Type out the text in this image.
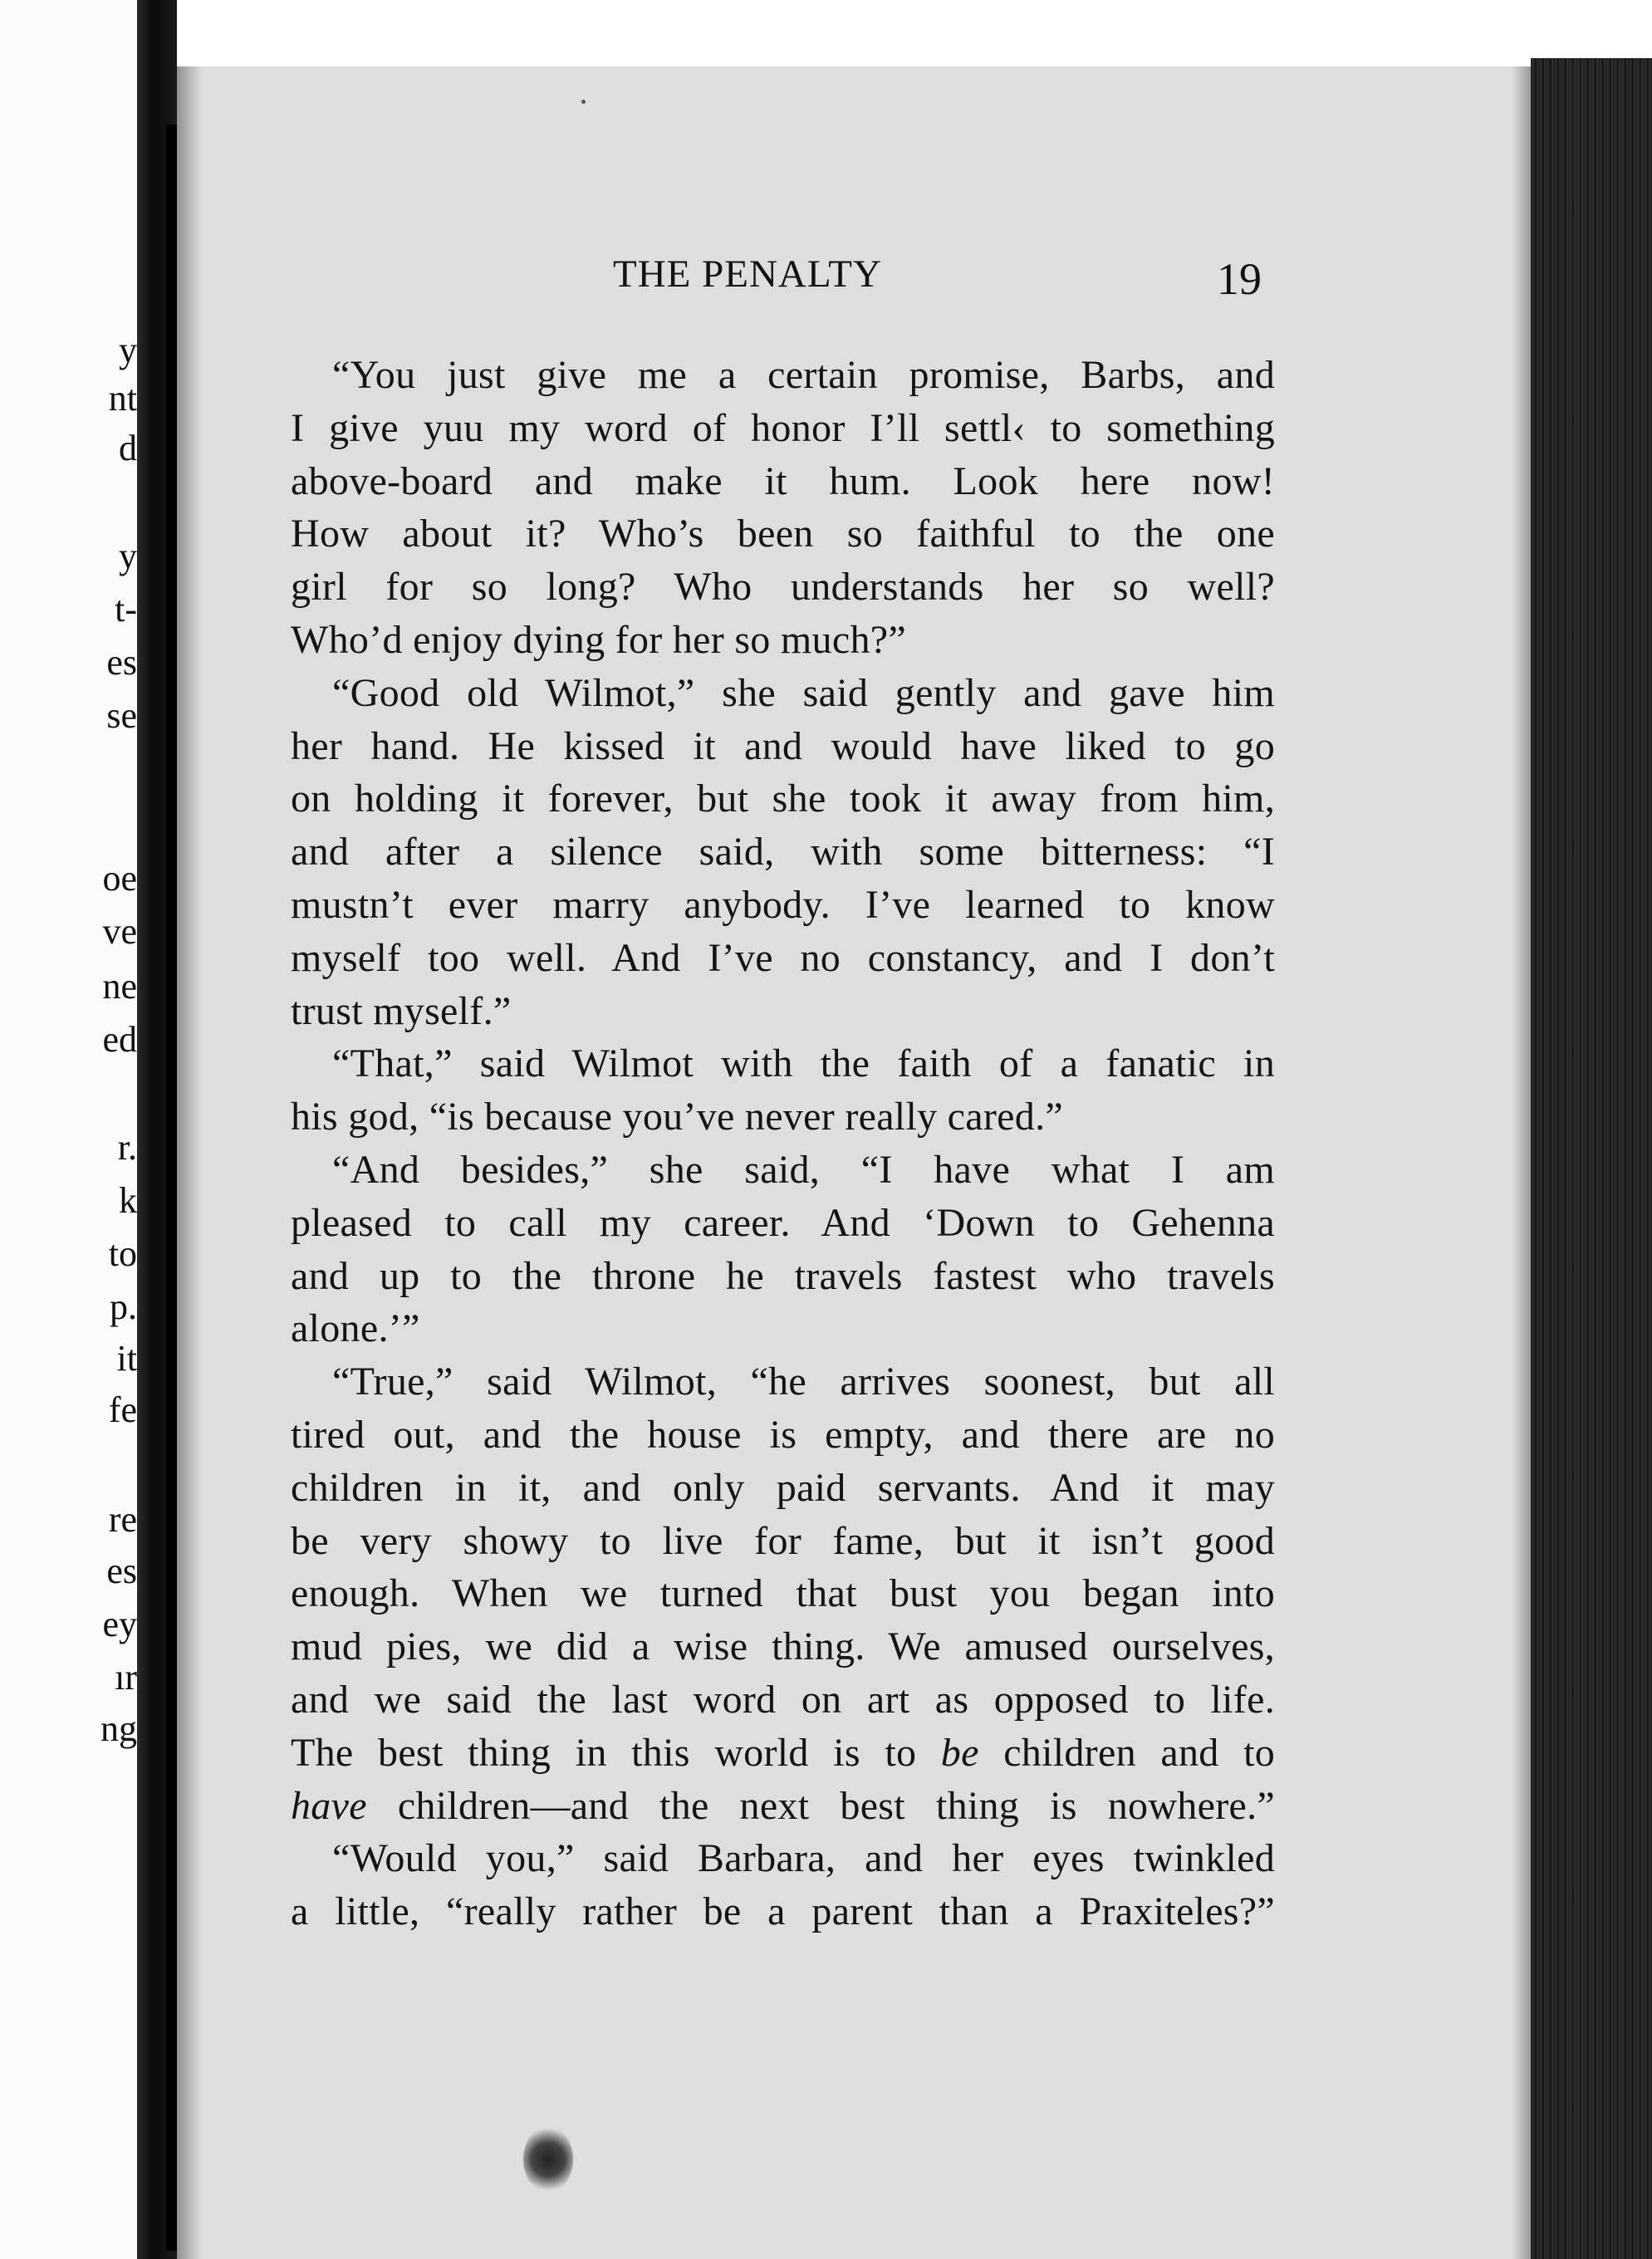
y
nt
d
y
t-
es
se
oe
ve
ne
ed
r.
k
to
p.
it
fe
re
es
ey
ır
ng
THE PENALTY	19
“You just give me a certain promise, Barbs, and
I give yuu my word of honor I’ll settl‹ to something
above-board and make it hum. Look here now!
How about it? Who’s been so faithful to the one
girl for so long? Who understands her so well?
Who’d enjoy dying for her so much?”
“Good old Wilmot,” she said gently and gave him
her hand. He kissed it and would have liked to go
on holding it forever, but she took it away from him,
and after a silence said, with some bitterness: “I
mustn’t ever marry anybody. I’ve learned to know
myself too well. And I’ve no constancy, and I don’t
trust myself.”
“That,” said Wilmot with the faith of a fanatic in
his god, “is because you’ve never really cared.”
“And besides,” she said, “I have what I am
pleased to call my career. And ‘Down to Gehenna
and up to the throne he travels fastest who travels
alone.’”
“True,” said Wilmot, “he arrives soonest, but all
tired out, and the house is empty, and there are no
children in it, and only paid servants. And it may
be very showy to live for fame, but it isn’t good
enough. When we turned that bust you began into
mud pies, we did a wise thing. We amused ourselves,
and we said the last word on art as opposed to life.
The best thing in this world is to be children and to
have children—and the next best thing is nowhere.”
“Would you,” said Barbara, and her eyes twinkled
a little, “really rather be a parent than a Praxiteles?”
